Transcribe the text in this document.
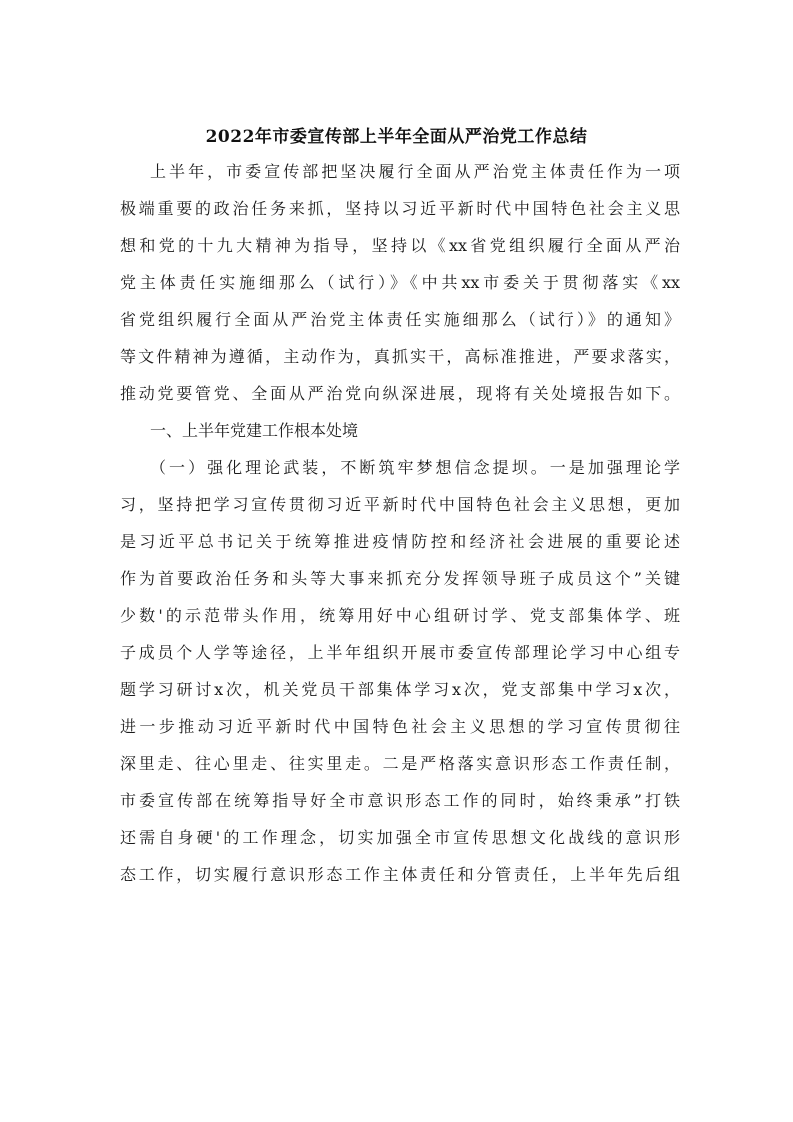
2022年市委宣传部上半年全面从严治党工作总结
上半年，市委宣传部把坚决履行全面从严治党主体责任作为一项
极端重要的政治任务来抓，坚持以习近平新时代中国特色社会主义思
想和党的十九大精神为指导，坚持以《xx省党组织履行全面从严治
党主体责任实施细那么（试行）》《中共xx市委关于贯彻落实《xx
省党组织履行全面从严治党主体责任实施细那么（试行）》的通知》
等文件精神为遵循，主动作为，真抓实干，高标准推进，严要求落实，
推动党要管党、全面从严治党向纵深进展，现将有关处境报告如下。
一、上半年党建工作根本处境
（一）强化理论武装，不断筑牢梦想信念提坝。一是加强理论学
习，坚持把学习宣传贯彻习近平新时代中国特色社会主义思想，更加
是习近平总书记关于统筹推进疫情防控和经济社会进展的重要论述
作为首要政治任务和头等大事来抓充分发挥领导班子成员这个”关键
少数'的示范带头作用，统筹用好中心组研讨学、党支部集体学、班
子成员个人学等途径，上半年组织开展市委宣传部理论学习中心组专
题学习研讨x次，机关党员干部集体学习x次，党支部集中学习x次，
进一步推动习近平新时代中国特色社会主义思想的学习宣传贯彻往
深里走、往心里走、往实里走。二是严格落实意识形态工作责任制，
市委宣传部在统筹指导好全市意识形态工作的同时，始终秉承”打铁
还需自身硬'的工作理念，切实加强全市宣传思想文化战线的意识形
态工作，切实履行意识形态工作主体责任和分管责任，上半年先后组
